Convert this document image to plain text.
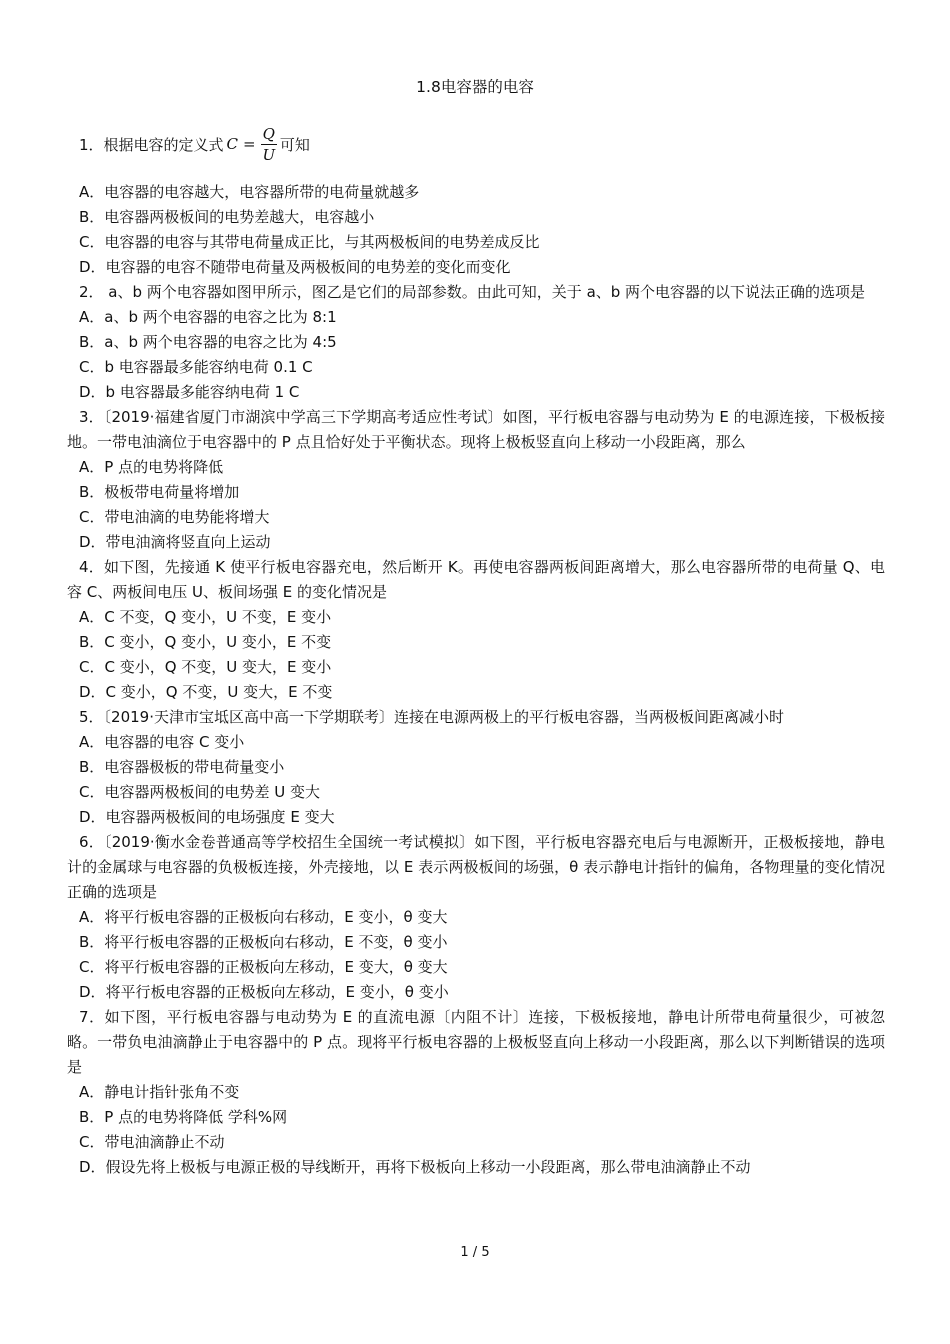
1.8电容器的电容
1．根据电容的定义式 $C = \frac{Q}{U}$ 可知
A．电容器的电容越大，电容器所带的电荷量就越多
B．电容器两极板间的电势差越大，电容越小
C．电容器的电容与其带电荷量成正比，与其两极板间的电势差成反比
D．电容器的电容不随带电荷量及两极板间的电势差的变化而变化
2． a、b 两个电容器如图甲所示，图乙是它们的局部参数。由此可知，关于 a、b 两个电容器的以下说法正确的选项是
A．a、b 两个电容器的电容之比为 8:1
B．a、b 两个电容器的电容之比为 4:5
C．b 电容器最多能容纳电荷 0.1 C
D．b 电容器最多能容纳电荷 1 C
3．〔2019·福建省厦门市湖滨中学高三下学期高考适应性考试〕如图，平行板电容器与电动势为 E 的电源连接，下极板接地。一带电油滴位于电容器中的 P 点且恰好处于平衡状态。现将上极板竖直向上移动一小段距离，那么
A．P 点的电势将降低
B．极板带电荷量将增加
C．带电油滴的电势能将增大
D．带电油滴将竖直向上运动
4．如下图，先接通 K 使平行板电容器充电，然后断开 K。再使电容器两板间距离增大，那么电容器所带的电荷量 Q、电容 C、两板间电压 U、板间场强 E 的变化情况是
A．C 不变，Q 变小，U 不变，E 变小
B．C 变小，Q 变小，U 变小，E 不变
C．C 变小，Q 不变，U 变大，E 变小
D．C 变小，Q 不变，U 变大，E 不变
5．〔2019·天津市宝坻区高中高一下学期联考〕连接在电源两极上的平行板电容器，当两极板间距离减小时
A．电容器的电容 C 变小
B．电容器极板的带电荷量变小
C．电容器两极板间的电势差 U 变大
D．电容器两极板间的电场强度 E 变大
6．〔2019·衡水金卷普通高等学校招生全国统一考试模拟〕如下图，平行板电容器充电后与电源断开，正极板接地，静电计的金属球与电容器的负极板连接，外壳接地，以 E 表示两极板间的场强，θ 表示静电计指针的偏角，各物理量的变化情况正确的选项是
A．将平行板电容器的正极板向右移动，E 变小，θ 变大
B．将平行板电容器的正极板向右移动，E 不变，θ 变小
C．将平行板电容器的正极板向左移动，E 变大，θ 变大
D．将平行板电容器的正极板向左移动，E 变小，θ 变小
7．如下图，平行板电容器与电动势为 E 的直流电源〔内阻不计〕连接，下极板接地，静电计所带电荷量很少，可被忽略。一带负电油滴静止于电容器中的 P 点。现将平行板电容器的上极板竖直向上移动一小段距离，那么以下判断错误的选项是
A．静电计指针张角不变
B．P 点的电势将降低 学科%网
C．带电油滴静止不动
D．假设先将上极板与电源正极的导线断开，再将下极板向上移动一小段距离，那么带电油滴静止不动
1 / 5
